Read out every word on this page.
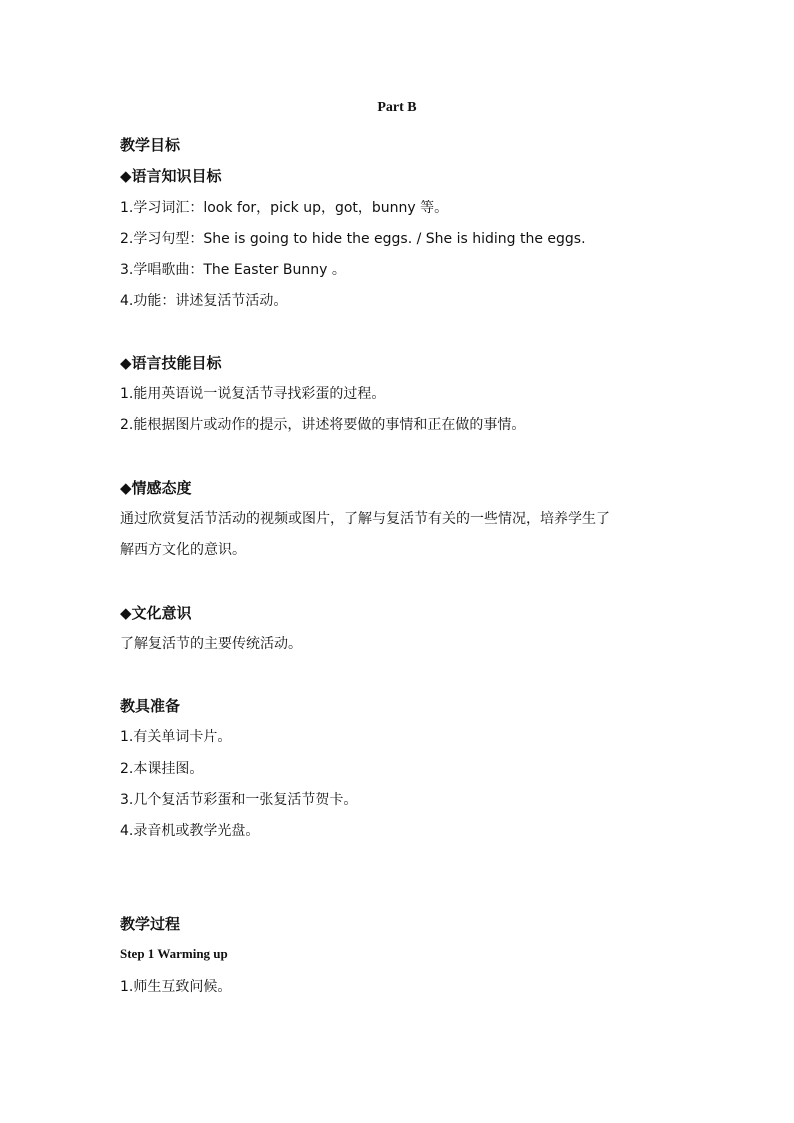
Part B
教学目标
◆语言知识目标
1.学习词汇：look for，pick up，got，bunny 等。
2.学习句型：She is going to hide the eggs. / She is hiding the eggs.
3.学唱歌曲：The Easter Bunny 。
4.功能：讲述复活节活动。
◆语言技能目标
1.能用英语说一说复活节寻找彩蛋的过程。
2.能根据图片或动作的提示，讲述将要做的事情和正在做的事情。
◆情感态度
通过欣赏复活节活动的视频或图片，了解与复活节有关的一些情况，培养学生了
解西方文化的意识。
◆文化意识
了解复活节的主要传统活动。
教具准备
1.有关单词卡片。
2.本课挂图。
3.几个复活节彩蛋和一张复活节贺卡。
4.录音机或教学光盘。
教学过程
Step 1 Warming up
1.师生互致问候。
